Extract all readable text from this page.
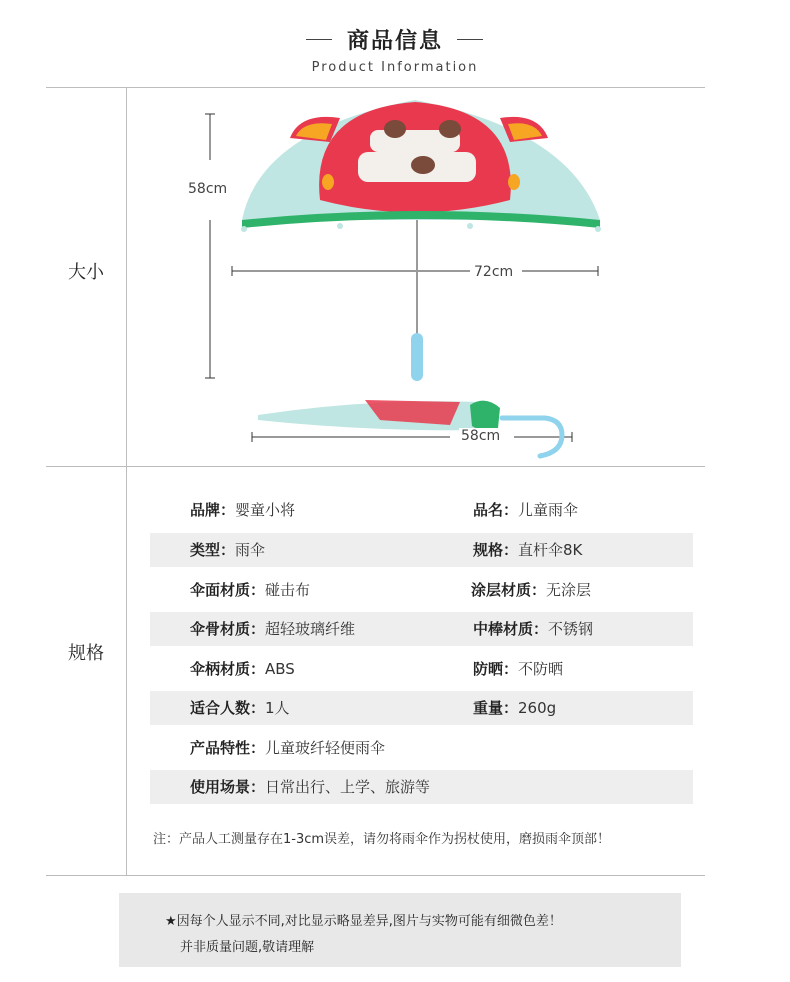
商品信息
Product Information
大小
58cm
72cm
58cm
规格
品牌：婴童小将	品名：儿童雨伞
类型：雨伞	规格：直杆伞8K
伞面材质：碰击布	涂层材质：无涂层
伞骨材质：超轻玻璃纤维	中棒材质：不锈钢
伞柄材质：ABS	防晒：不防晒
适合人数：1人	重量：260g
产品特性：儿童玻纤轻便雨伞
使用场景：日常出行、上学、旅游等
注：产品人工测量存在1-3cm误差，请勿将雨伞作为拐杖使用，磨损雨伞顶部！

★因每个人显示不同,对比显示略显差异,图片与实物可能有细微色差！

并非质量问题,敬请理解
